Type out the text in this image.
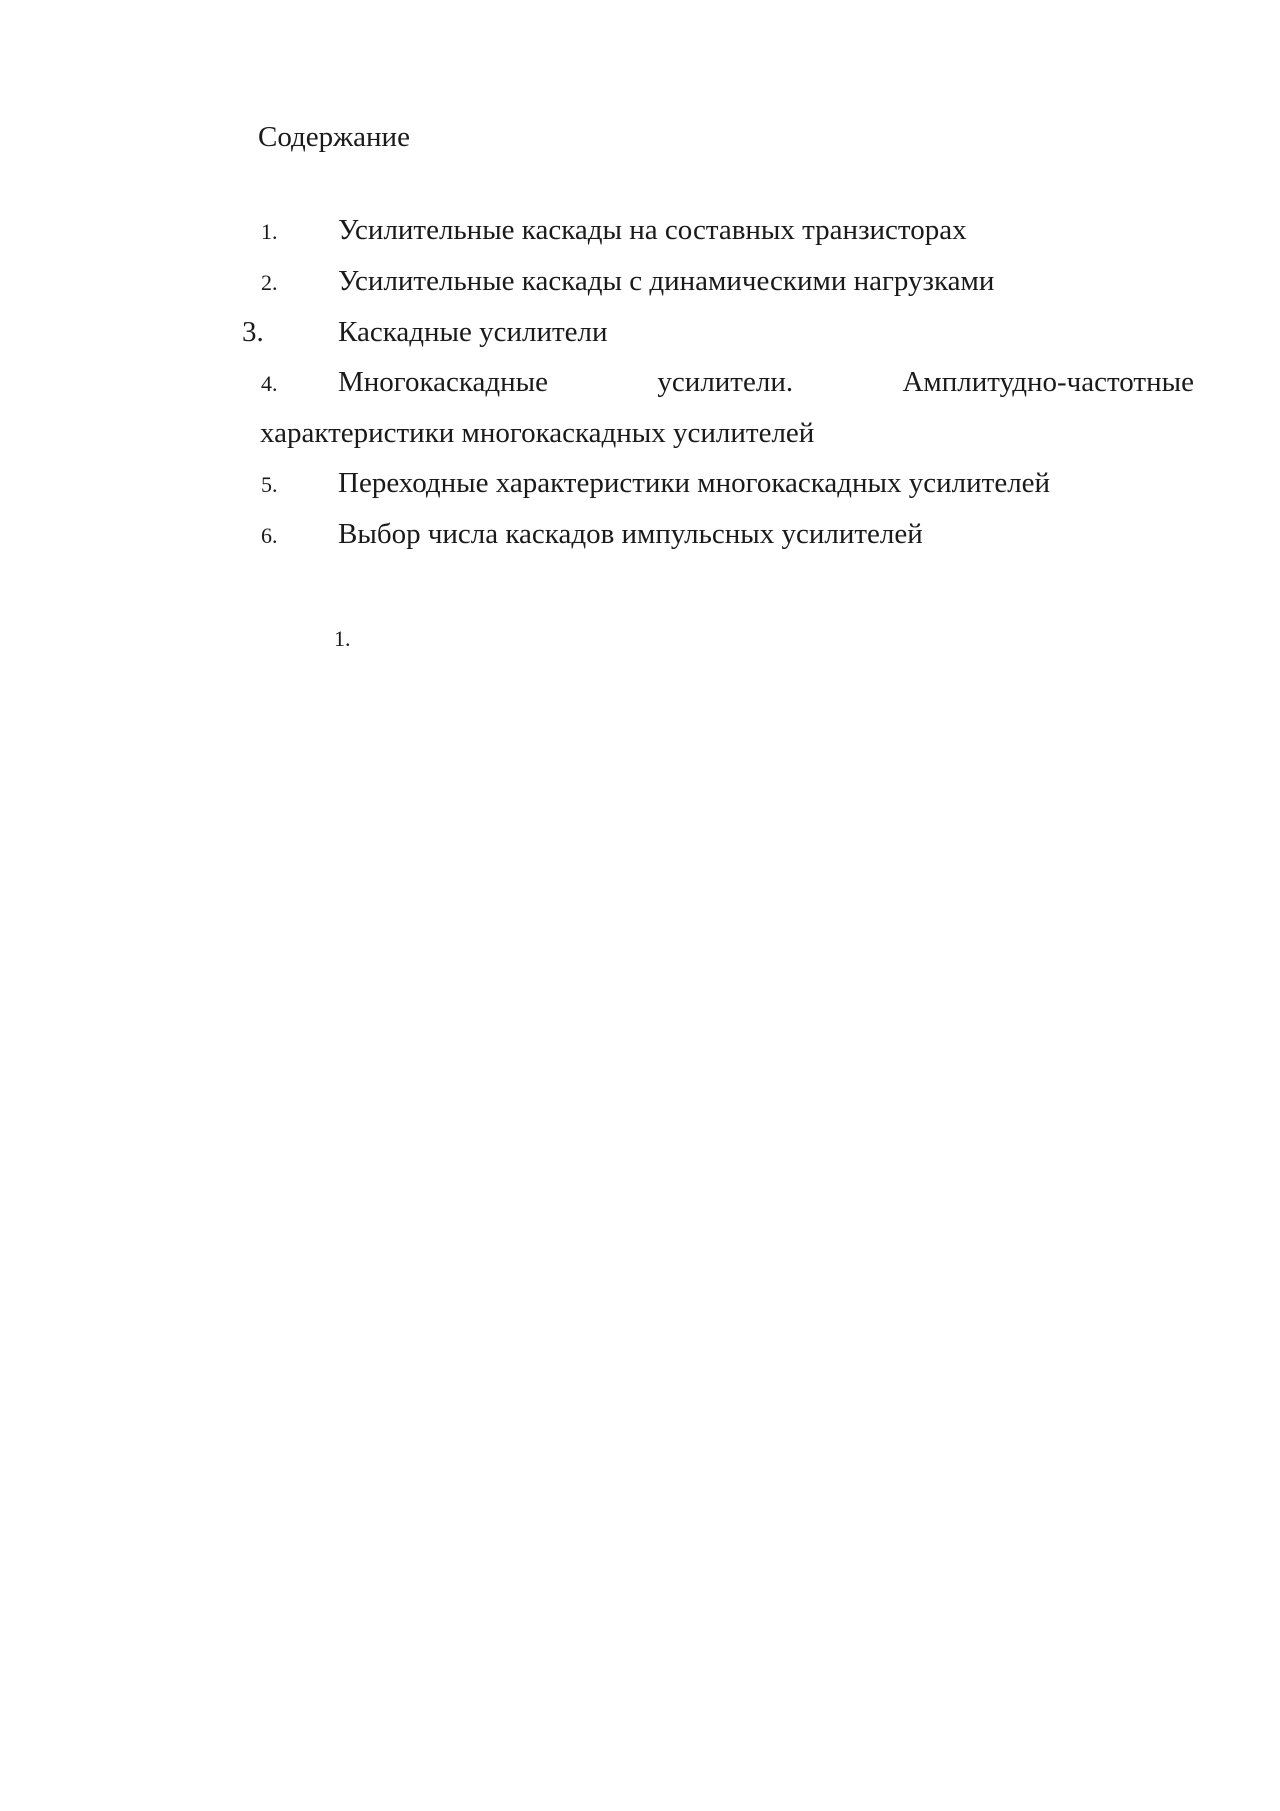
Содержание
1. Усилительные каскады на составных транзисторах
2. Усилительные каскады с динамическими нагрузками
3.	Каскадные усилители
4. Многокаскадные	усилители.	Амплитудно-частотные
характеристики многокаскадных усилителей
5. Переходные характеристики многокаскадных усилителей
6. Выбор числа каскадов импульсных усилителей
1.
